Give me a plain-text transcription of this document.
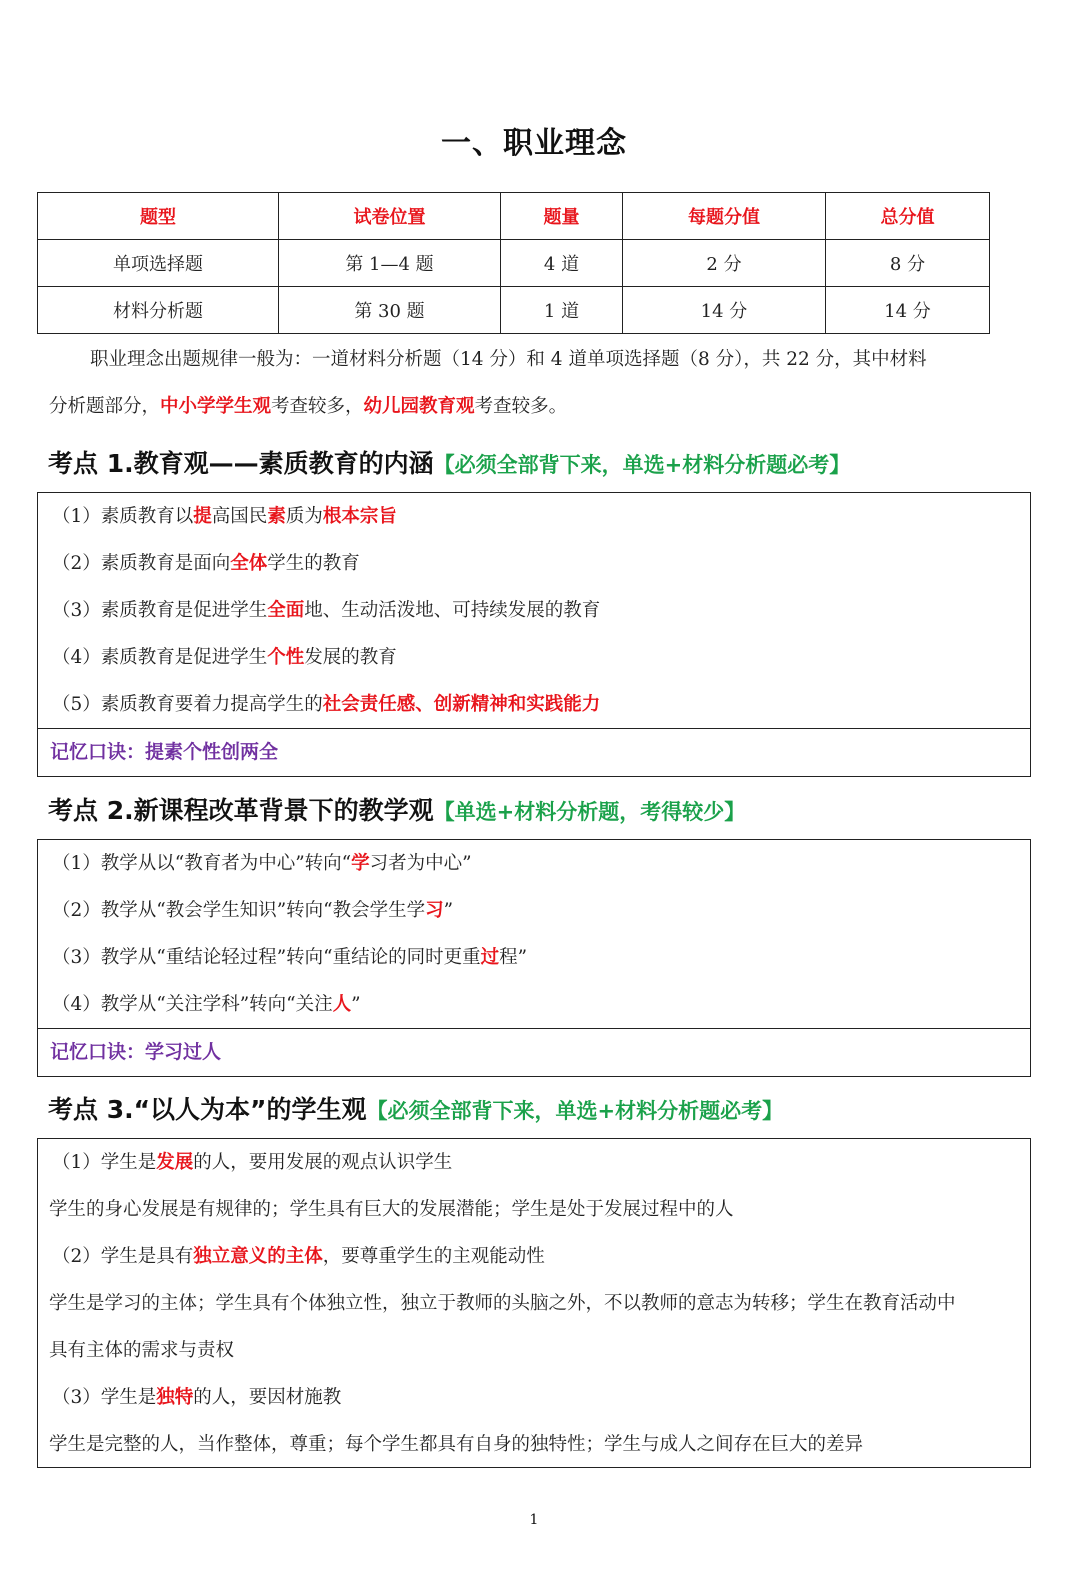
一、职业理念
题型	试卷位置	题量	每题分值	总分值
单项选择题	第 1—4 题	4 道	2 分	8 分
材料分析题	第 30 题	1 道	14 分	14 分
职业理念出题规律一般为：一道材料分析题（14 分）和 4 道单项选择题（8 分），共 22 分，其中材料
分析题部分，中小学学生观考查较多，幼儿园教育观考查较多。
考点 1.教育观——素质教育的内涵【必须全部背下来，单选+材料分析题必考】
（1）素质教育以提高国民素质为根本宗旨
（2）素质教育是面向全体学生的教育
（3）素质教育是促进学生全面地、生动活泼地、可持续发展的教育
（4）素质教育是促进学生个性发展的教育
（5）素质教育要着力提高学生的社会责任感、创新精神和实践能力
记忆口诀：提素个性创两全
考点 2.新课程改革背景下的教学观【单选+材料分析题，考得较少】
（1）教学从以“教育者为中心”转向“学习者为中心”
（2）教学从“教会学生知识”转向“教会学生学习”
（3）教学从“重结论轻过程”转向“重结论的同时更重过程”
（4）教学从“关注学科”转向“关注人”
记忆口诀：学习过人
考点 3.“以人为本”的学生观【必须全部背下来，单选+材料分析题必考】
（1）学生是发展的人，要用发展的观点认识学生
学生的身心发展是有规律的；学生具有巨大的发展潜能；学生是处于发展过程中的人
（2）学生是具有独立意义的主体，要尊重学生的主观能动性
学生是学习的主体；学生具有个体独立性，独立于教师的头脑之外，不以教师的意志为转移；学生在教育活动中
具有主体的需求与责权
（3）学生是独特的人，要因材施教
学生是完整的人，当作整体，尊重；每个学生都具有自身的独特性；学生与成人之间存在巨大的差异
1
